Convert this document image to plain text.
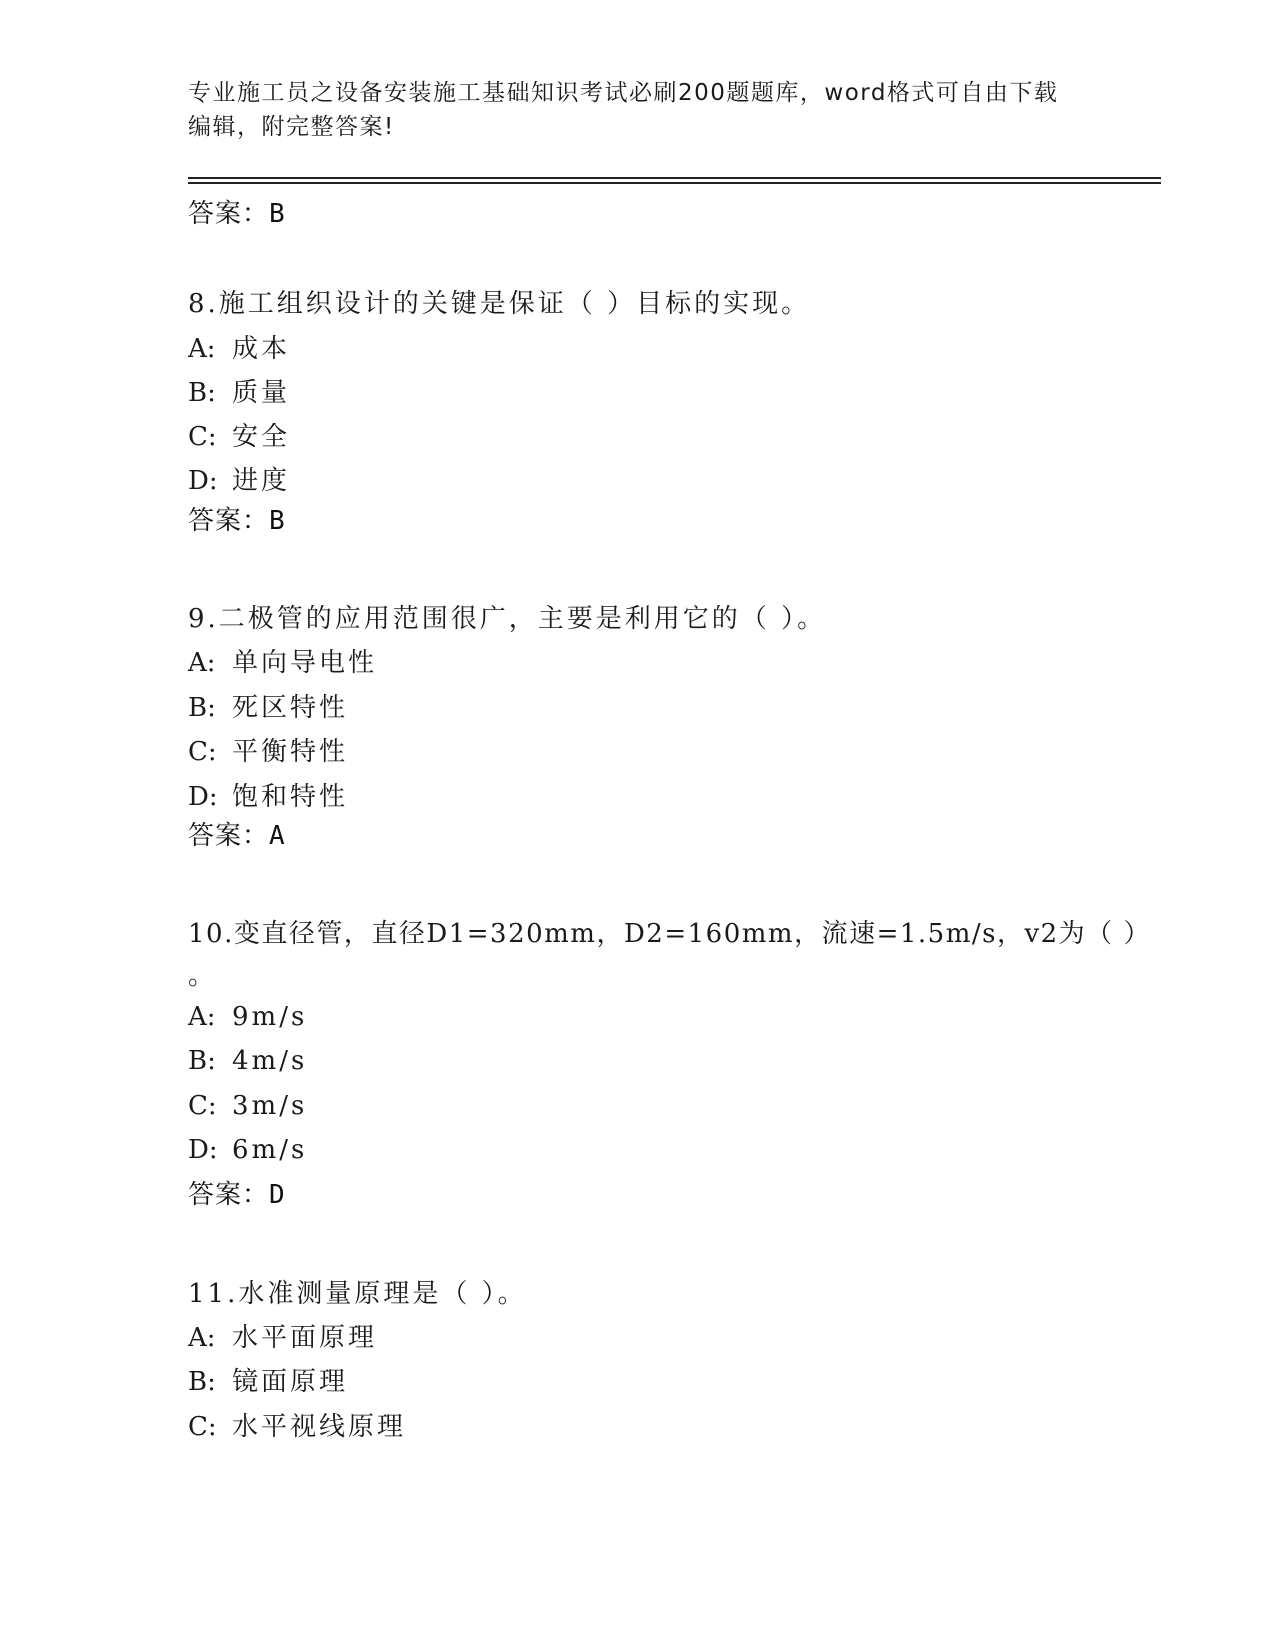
专业施工员之设备安装施工基础知识考试必刷200题题库，word格式可自由下载
编辑，附完整答案!
答案：B
8.施工组织设计的关键是保证（ ）目标的实现。
A: 成本
B: 质量
C: 安全
D: 进度
答案：B
9.二极管的应用范围很广，主要是利用它的（ ）。
A: 单向导电性
B: 死区特性
C: 平衡特性
D: 饱和特性
答案：A
10.变直径管，直径D1=320mm，D2=160mm，流速=1.5m/s，v2为（ ）
。
A: 9m/s
B: 4m/s
C: 3m/s
D: 6m/s
答案：D
11.水准测量原理是（ ）。
A: 水平面原理
B: 镜面原理
C: 水平视线原理
